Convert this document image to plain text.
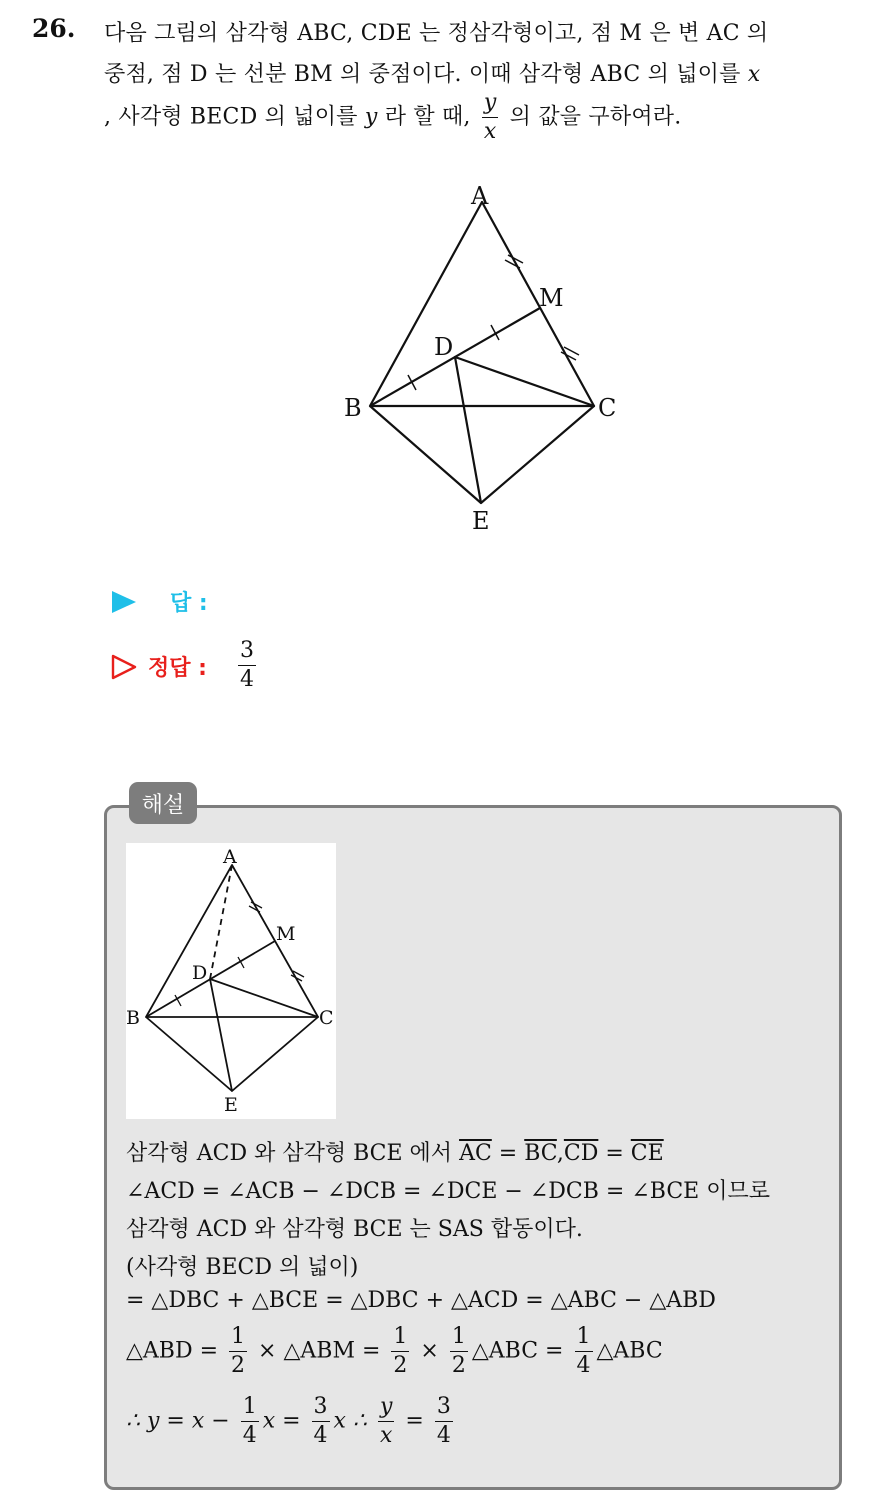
26. 다음 그림의 삼각형 ABC, CDE 는 정삼각형이고, 점 M 은 변 AC 의
중점, 점 D 는 선분 BM 의 중점이다. 이때 삼각형 ABC 의 넓이를 x
, 사각형 BECD 의 넓이를 y 라 할 때, $\frac{y}{x}$ 의 값을 구하여라.
A
M
D
B	C
E
답 :
정답 : $\frac{3}{4}$
해설
A
M
D
B	C
E
삼각형 ACD 와 삼각형 BCE 에서 $\overline{AC} = \overline{BC},\overline{CD} = \overline{CE}$
∠ACD = ∠ACB − ∠DCB = ∠DCE − ∠DCB = ∠BCE 이므로
삼각형 ACD 와 삼각형 BCE 는 SAS 합동이다.
(사각형 BECD 의 넓이)
= △DBC + △BCE = △DBC + △ACD = △ABC − △ABD
△ABD = $\frac{1}{2}$ × △ABM = $\frac{1}{2} \times \frac{1}{2}$ △ABC = $\frac{1}{4}$ △ABC
∴ $y = x - \frac{1}{4}$ $x = \frac{3}{4}$ x ∴ $\frac{y}{x} = \frac{3}{4}$
